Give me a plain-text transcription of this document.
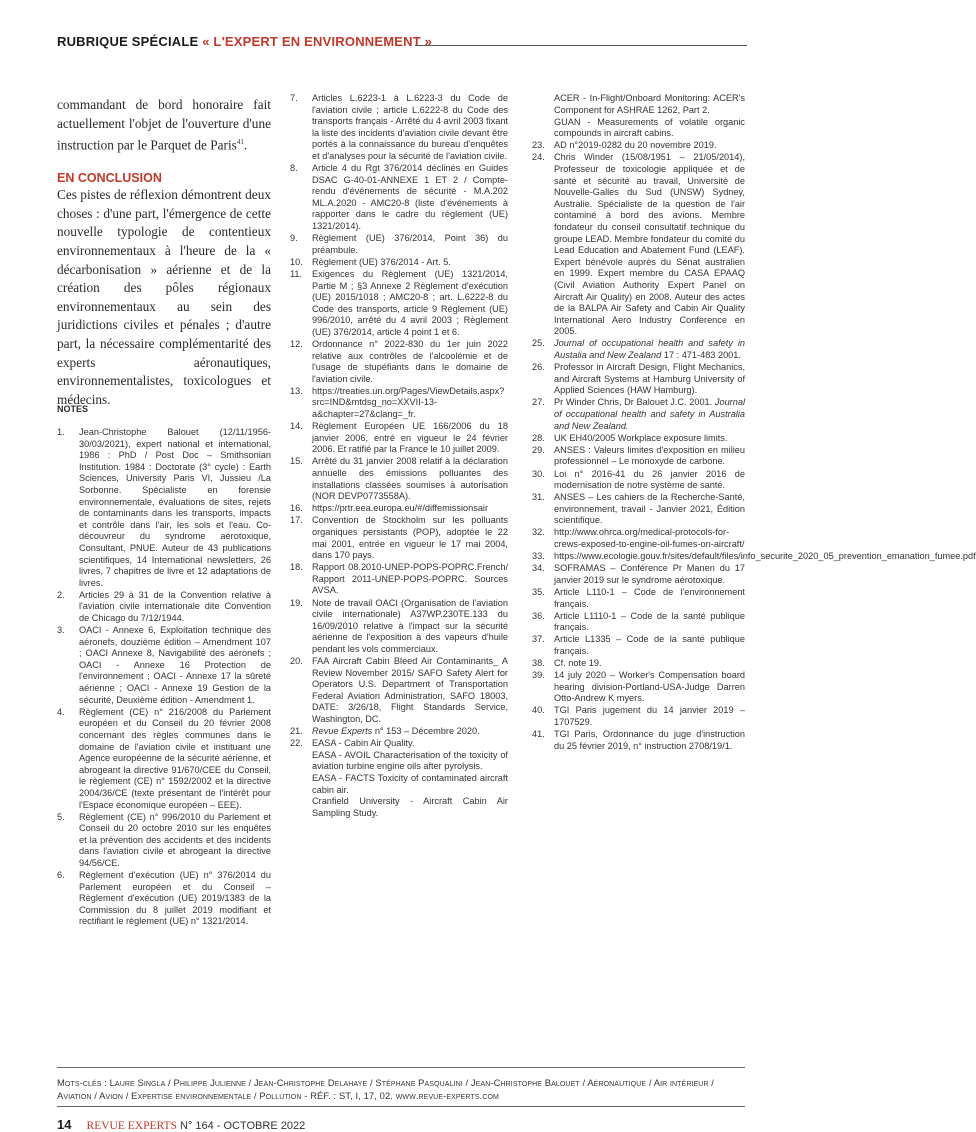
RUBRIQUE SPÉCIALE « L'EXPERT EN ENVIRONNEMENT »

commandant de bord honoraire fait actuellement l'objet de l'ouverture d'une instruction par le Parquet de Paris$^{41}$.

EN CONCLUSION

Ces pistes de réflexion démontrent deux choses : d'une part, l'émergence de cette nouvelle typologie de contentieux environnementaux à l'heure de la « décarbonisation » aérienne et de la création des pôles régionaux environnementaux au sein des juridictions civiles et pénales ; d'autre part, la nécessaire complémentarité des experts aéronautiques, environnementalistes, toxicologues et médecins.

NOTES
1. Jean-Christophe Balouet (12/11/1956-30/03/2021), expert national et international, 1986 : PhD / Post Doc – Smithsonian Institution. 1984 : Doctorate (3° cycle) : Earth Sciences, University Paris VI, Jussieu /La Sorbonne. Spécialiste en forensie environnementale, évaluations de sites, rejets de contaminants dans les transports, impacts et contrôle dans l'air, les sols et l'eau. Co-découvreur du syndrome aérotoxique, Consultant, PNUE. Auteur de 43 publications scientifiques, 14 International newsletters, 26 livres, 7 chapitres de livre et 12 adaptations de livres.
2. Articles 29 à 31 de la Convention relative à l'aviation civile internationale dite Convention de Chicago du 7/12/1944.
3. OACI - Annexe 6, Exploitation technique des aéronefs, douzième édition – Amendment 107 ; OACI Annexe 8, Navigabilité des aéronefs ; OACI - Annexe 16 Protection de l'environnement ; OACI - Annexe 17 la sûreté aérienne ; OACI - Annexe 19 Gestion de la sécurité, Deuxième édition - Amendment 1.
4. Règlement (CE) n° 216/2008 du Parlement européen et du Conseil du 20 février 2008 concernant des règles communes dans le domaine de l'aviation civile et instituant une Agence européenne de la sécurité aérienne, et abrogeant la directive 91/670/CEE du Conseil, le règlement (CE) n° 1592/2002 et la directive 2004/36/CE (texte présentant de l'intérêt pour l'Espace économique européen – EEE).
5. Règlement (CE) n° 996/2010 du Parlement et Conseil du 20 octobre 2010 sur les enquêtes et la prévention des accidents et des incidents dans l'aviation civile et abrogeant la directive 94/56/CE.
6. Règlement d'exécution (UE) n° 376/2014 du Parlement européen et du Conseil – Règlement d'exécution (UE) 2019/1383 de la Commission du 8 juillet 2019 modifiant et rectifiant le règlement (UE) n° 1321/2014.
7. Articles L.6223-1 à L.6223-3 du Code de l'aviation civile ; article L.6222-8 du Code des transports français - Arrêté du 4 avril 2003 fixant la liste des incidents d'aviation civile devant être portés à la connaissance du bureau d'enquêtes et d'analyses pour la sécurité de l'aviation civile.
8. Article 4 du Rgt 376/2014 déclinés en Guides DSAC G-40-01-ANNEXE 1 ET 2 / Compte-rendu d'événements de sécurité - M.A.202 ML.A.2020 - AMC20-8 (liste d'événements à rapporter dans le cadre du règlement (UE) 1321/2014).
9. Règlement (UE) 376/2014, Point 36) du préambule.
10. Règlement (UE) 376/2014 - Art. 5.
11. Exigences du Règlement (UE) 1321/2014, Partie M ; §3 Annexe 2 Règlement d'exécution (UE) 2015/1018 ; AMC20-8 ; art. L.6222-8 du Code des transports, article 9 Règlement (UE) 996/2010, arrêté du 4 avril 2003 ; Règlement (UE) 376/2014, article 4 point 1 et 6.
12. Ordonnance n° 2022-830 du 1er juin 2022 relative aux contrôles de l'alcoolémie et de l'usage de stupéfiants dans le domaine de l'aviation civile.
13. https://treaties.un.org/Pages/ViewDetails.aspx?src=IND&mtdsg_no=XXVII-13-a&chapter=27&clang=_fr.
14. Règlement Européen UE 166/2006 du 18 janvier 2006, entré en vigueur le 24 février 2006. Et ratifié par la France le 10 juillet 2009.
15. Arrêté du 31 janvier 2008 relatif à la déclaration annuelle des émissions polluantes des installations classées soumises à autorisation (NOR DEVP0773558A).
16. https://prtr.eea.europa.eu/#/diffemissionsair
17. Convention de Stockholm sur les polluants organiques persistants (POP), adoptée le 22 mai 2001, entrée en vigueur le 17 mai 2004, dans 170 pays.
18. Rapport 08.2010-UNEP-POPS-POPRC.French/ Rapport 2011-UNEP-POPS-POPRC. Sources AVSA.
19. Note de travail OACI (Organisation de l'aviation civile internationale) A37WP.230TE.133 du 16/09/2010 relative à l'impact sur la sécurité aérienne de l'exposition à des vapeurs d'huile pendant les vols commerciaux.
20. FAA Aircraft Cabin Bleed Air Contaminants_ A Review November 2015/ SAFO Safety Alert for Operators U.S. Department of Transportation Federal Aviation Administration, SAFO 18003, DATE: 3/26/18, Flight Standards Service, Washington, DC.
21. Revue Experts n° 153 – Décembre 2020.
22. EASA - Cabin Air Quality.
EASA - AVOIL Characterisation of the toxicity of aviation turbine engine oils after pyrolysis.
EASA - FACTS Toxicity of contaminated aircraft cabin air.
Cranfield University - Aircraft Cabin Air Sampling Study.
ACER - In-Flight/Onboard Monitoring: ACER's Component for ASHRAE 1262, Part 2.
GUAN - Measurements of volatile organic compounds in aircraft cabins.
23. AD n°2019-0282 du 20 novembre 2019.
24. Chris Winder (15/08/1951 – 21/05/2014), Professeur de toxicologie appliquée et de santé et sécurité au travail, Université de Nouvelle-Galles du Sud (UNSW) Sydney, Australie. Spécialiste de la question de l'air contaminé à bord des avions. Membre fondateur du conseil consultatif technique du groupe LEAD. Membre fondateur du comité du Lead Education and Abatement Fund (LEAF). Expert bénévole auprès du Sénat australien en 1999. Expert membre du CASA EPAAQ (Civil Aviation Authority Expert Panel on Aircraft Air Quality) en 2008. Auteur des actes de la BALPA Air Safety and Cabin Air Quality International Aero Industry Conference en 2005.
25. Journal of occupational health and safety in Austalia and New Zealand 17 : 471-483 2001.
26. Professor in Aircraft Design, Flight Mechanics, and Aircraft Systems at Hamburg University of Applied Sciences (HAW Hamburg).
27. Pr Winder Chris, Dr Balouet J.C. 2001. Journal of occupational health and safety in Australia and New Zealand.
28. UK EH40/2005 Workplace exposure limits.
29. ANSES : Valeurs limites d'exposition en milieu professionnel – Le monoxyde de carbone.
30. Loi n° 2016-41 du 26 janvier 2016 de modernisation de notre système de santé.
31. ANSES – Les cahiers de la Recherche-Santé, environnement, travail - Janvier 2021, Édition scientifique.
32. http://www.ohrca.org/medical-protocols-for-crews-exposed-to-engine-oil-fumes-on-aircraft/
33. https://www.ecologie.gouv.fr/sites/default/files/info_securite_2020_05_prevention_emanation_fumee.pdf
34. SOFRAMAS – Conférence Pr Manen du 17 janvier 2019 sur le syndrome aérotoxique.
35. Article L110-1 – Code de l'environnement français.
36. Article L1110-1 – Code de la santé publique français.
37. Article L1335 – Code de la santé publique français.
38. Cf. note 19.
39. 14 july 2020 – Worker's Compensation board hearing division-Portland-USA-Judge Darren Otto-Andrew K myers.
40. TGI Paris jugement du 14 janvier 2019 – 1707529.
41. TGI Paris, Ordonnance du juge d'instruction du 25 février 2019, n° instruction 2708/19/1.
Mots-clés : Laure Singla / Philippe Julienne / Jean-Christophe Delahaye / Stéphane Pasqualini / Jean-Christophe Balouet / Aéronautique / Air intérieur / Aviation / Avion / Expertise environnementale / Pollution - RÉF. : ST, I, 17, 02. www.revue-experts.com
14 REVUE EXPERTS N° 164 - OCTOBRE 2022
